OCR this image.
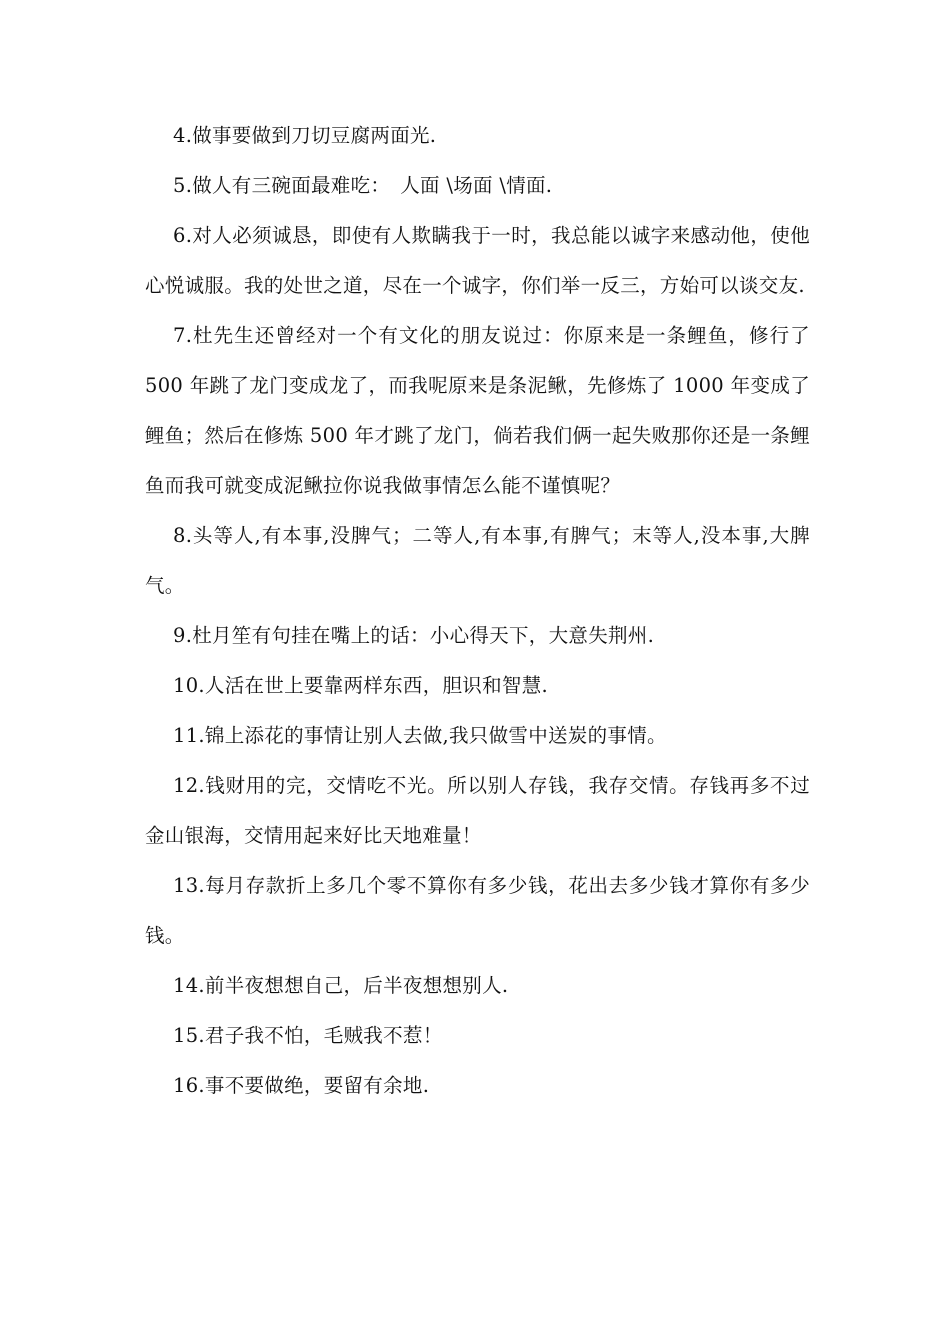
4.做事要做到刀切豆腐两面光.

5.做人有三碗面最难吃：　人面 \场面 \情面.

6.对人必须诚恳，即使有人欺瞒我于一时，我总能以诚字来感动他，使他心悦诚服。我的处世之道，尽在一个诚字，你们举一反三，方始可以谈交友.

7.杜先生还曾经对一个有文化的朋友说过：你原来是一条鲤鱼，修行了 500 年跳了龙门变成龙了，而我呢原来是条泥鳅，先修炼了 1000 年变成了鲤鱼；然后在修炼 500 年才跳了龙门，倘若我们俩一起失败那你还是一条鲤鱼而我可就变成泥鳅拉你说我做事情怎么能不谨慎呢？

8.头等人,有本事,没脾气；二等人,有本事,有脾气；末等人,没本事,大脾气。

9.杜月笙有句挂在嘴上的话：小心得天下，大意失荆州.

10.人活在世上要靠两样东西，胆识和智慧.

11.锦上添花的事情让别人去做,我只做雪中送炭的事情。

12.钱财用的完，交情吃不光。所以别人存钱，我存交情。存钱再多不过金山银海，交情用起来好比天地难量！

13.每月存款折上多几个零不算你有多少钱，花出去多少钱才算你有多少钱。

14.前半夜想想自己，后半夜想想别人.

15.君子我不怕，毛贼我不惹！

16.事不要做绝，要留有余地.
